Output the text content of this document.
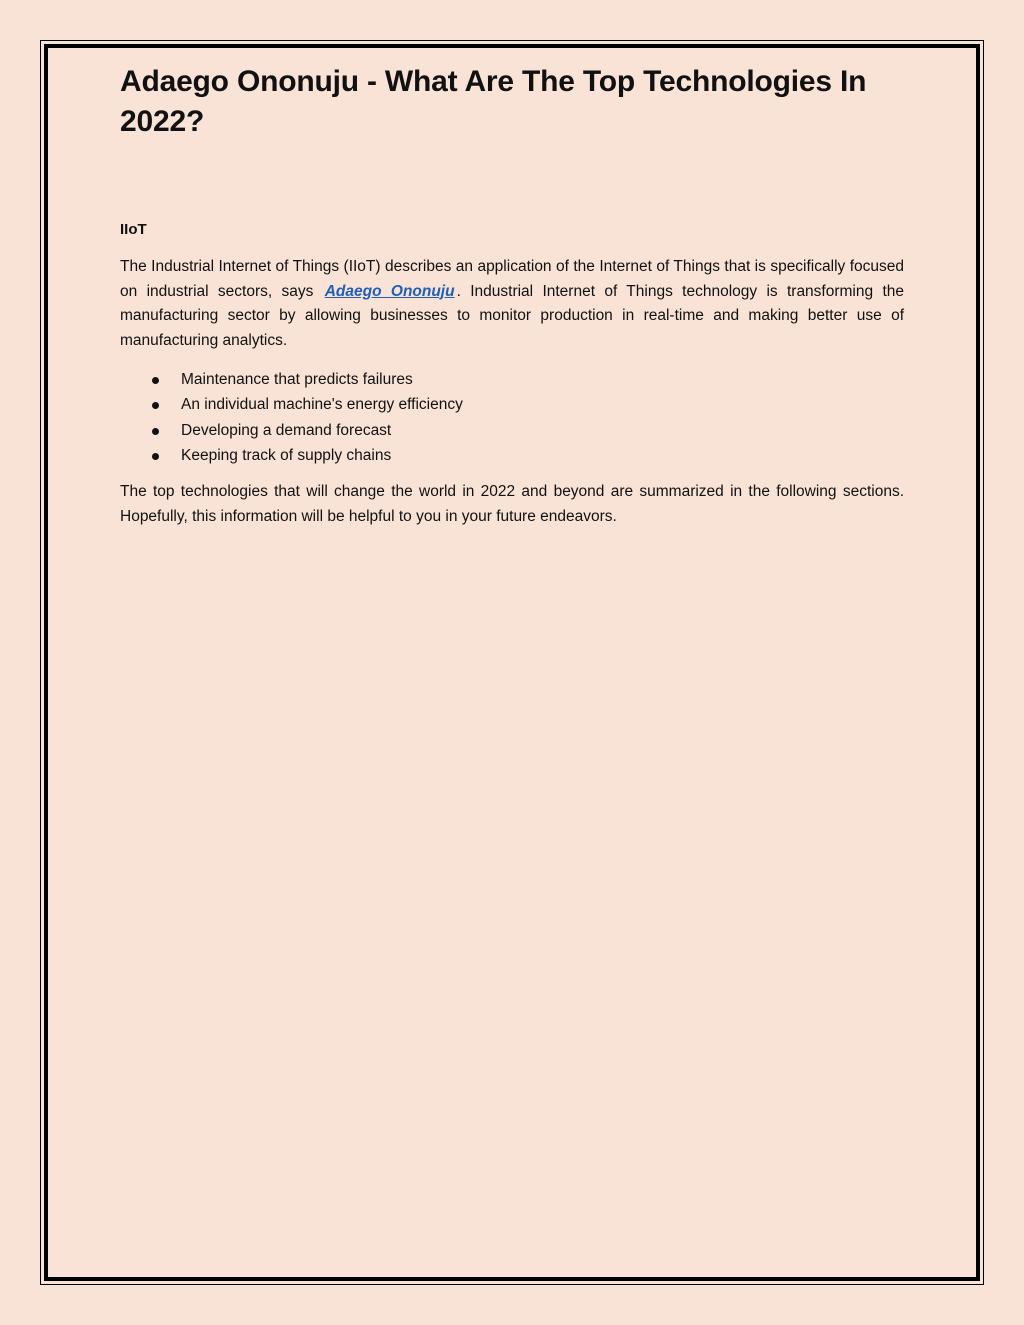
Adaego Ononuju - What Are The Top Technologies In 2022?
IIoT

The Industrial Internet of Things (IIoT) describes an application of the Internet of Things that is specifically focused on industrial sectors, says Adaego Ononuju . Industrial Internet of Things technology is transforming the manufacturing sector by allowing businesses to monitor production in real-time and making better use of manufacturing analytics.

Maintenance that predicts failures
An individual machine's energy efficiency
Developing a demand forecast
Keeping track of supply chains

The top technologies that will change the world in 2022 and beyond are summarized in the following sections. Hopefully, this information will be helpful to you in your future endeavors.
